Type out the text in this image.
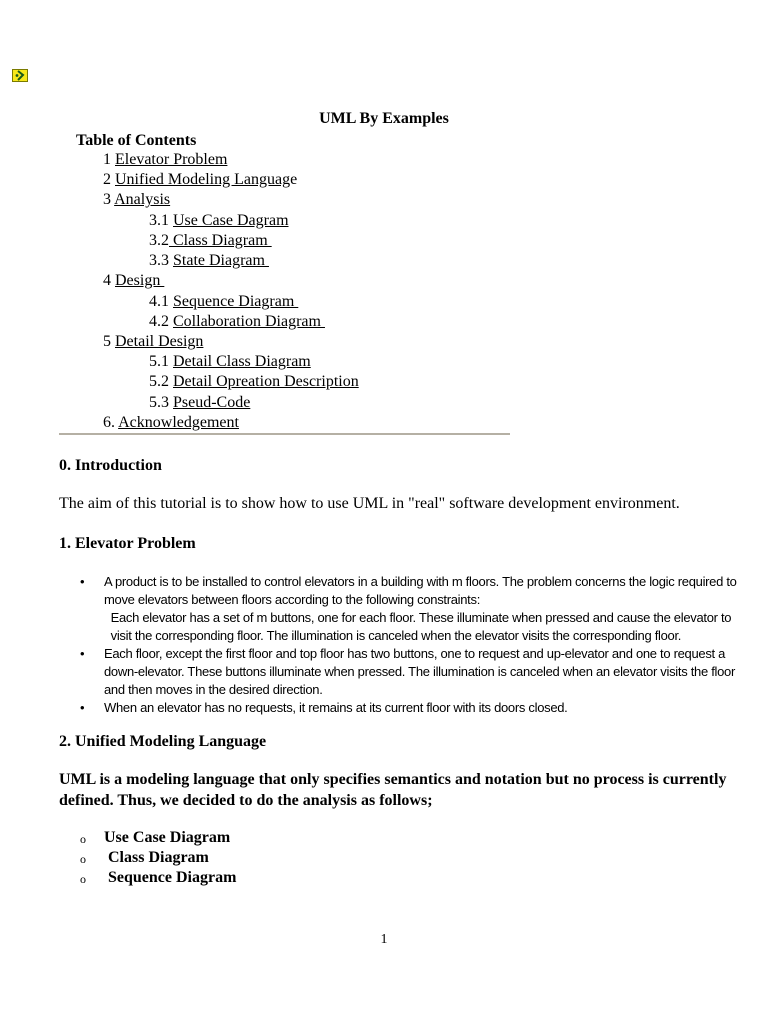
UML By Examples
Table of Contents
1 Elevator Problem
2 Unified Modeling Language
3 Analysis
3.1 Use Case Dagram
3.2 Class Diagram
3.3 State Diagram
4 Design
4.1 Sequence Diagram
4.2 Collaboration Diagram
5 Detail Design
5.1 Detail Class Diagram
5.2 Detail Opreation Description
5.3 Pseud-Code
6. Acknowledgement
0. Introduction
The aim of this tutorial is to show how to use UML in "real" software development environment.
1. Elevator Problem
• A product is to be installed to control elevators in a building with m floors. The problem concerns the logic required to move elevators between floors according to the following constraints:
Each elevator has a set of m buttons, one for each floor. These illuminate when pressed and cause the elevator to   visit the corresponding floor. The illumination is canceled when the elevator visits the corresponding floor.
• Each floor, except the first floor and top floor has two buttons, one to request and up-elevator and one to request a down-elevator. These buttons illuminate when pressed. The illumination is canceled when an elevator visits the floor and then moves in the desired direction.
• When an elevator has no requests, it remains at its current floor with its doors closed.
2. Unified Modeling Language
UML is a modeling language that only specifies semantics and notation but no process is currently defined. Thus, we decided to do the analysis as follows;
o Use Case Diagram
o  Class Diagram
o  Sequence Diagram
1
